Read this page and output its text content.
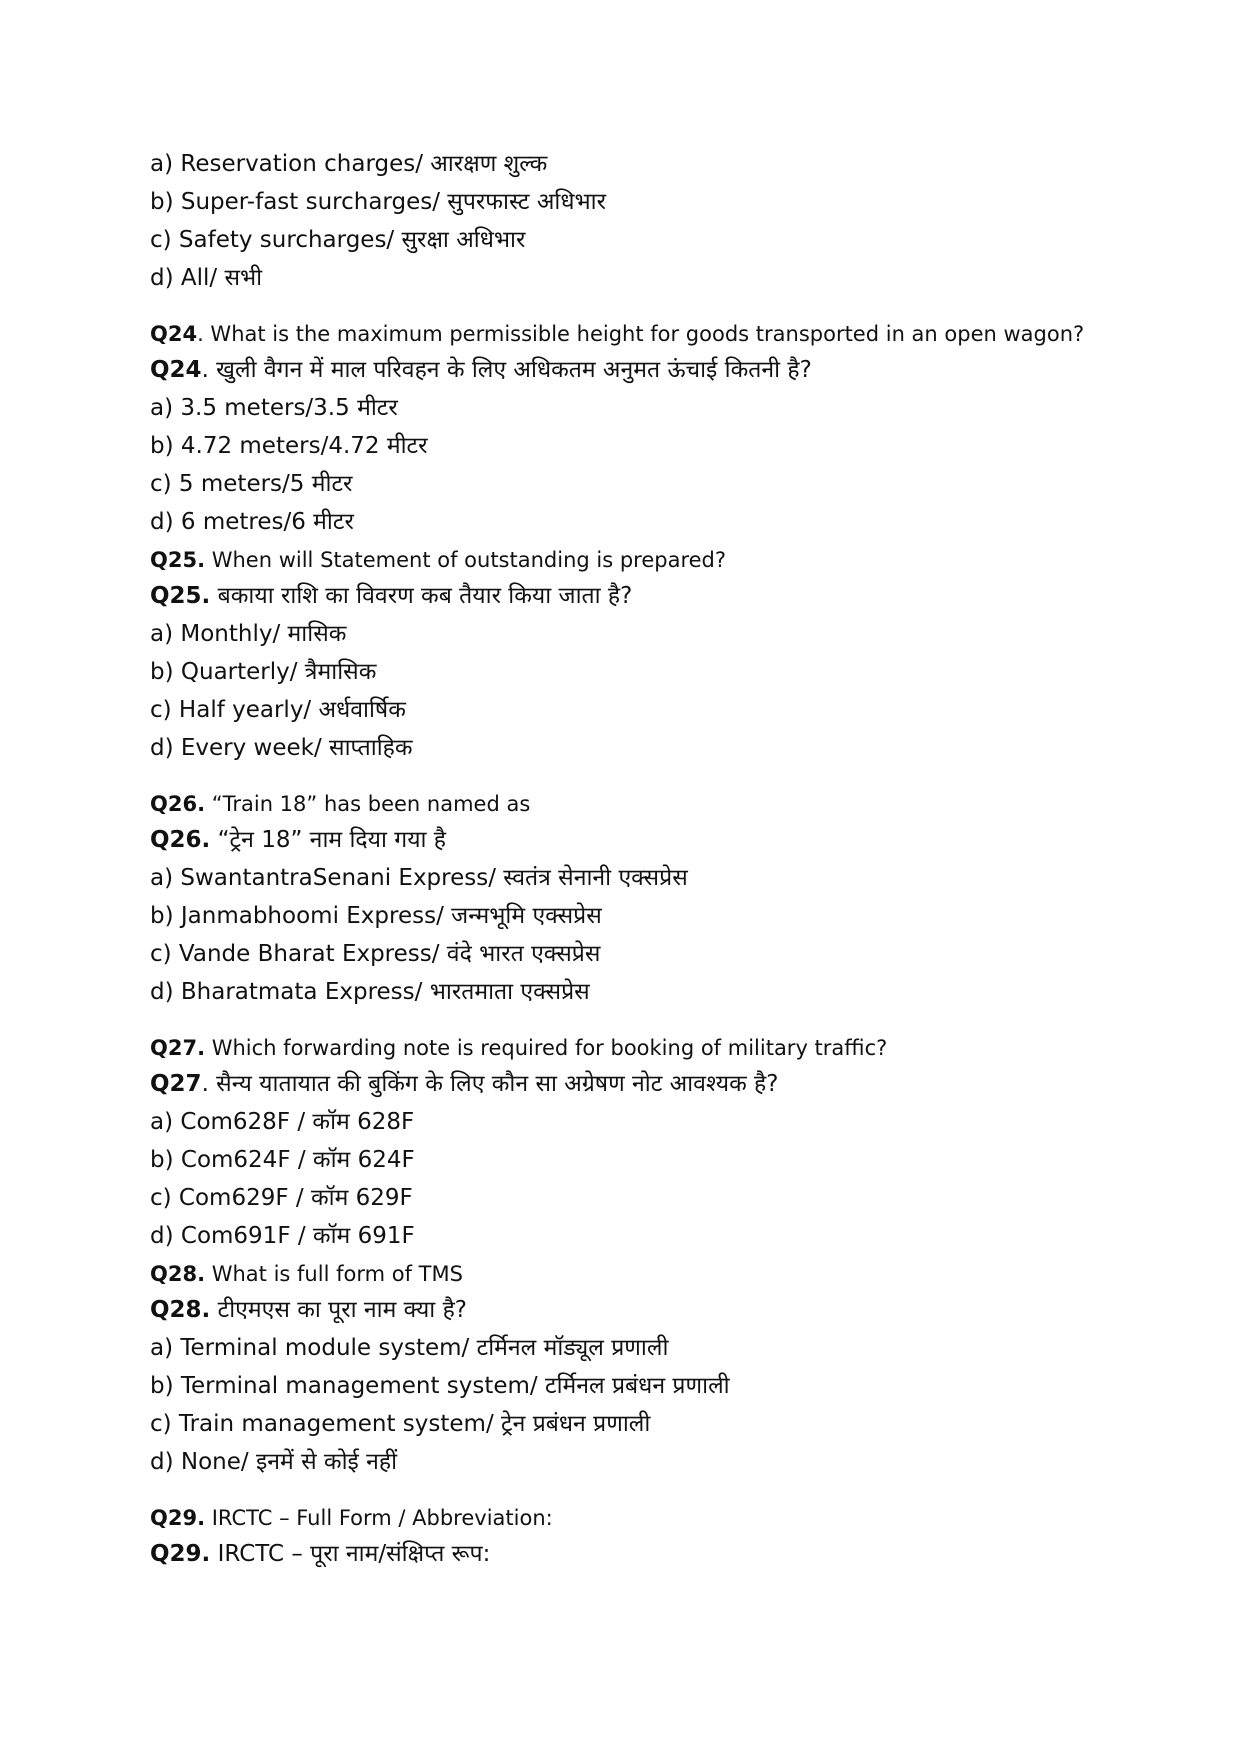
a) Reservation charges/ आरक्षण शुल्क
b) Super-fast surcharges/ सुपरफास्ट अधिभार
c) Safety surcharges/ सुरक्षा अधिभार
d) All/ सभी
Q24. What is the maximum permissible height for goods transported in an open wagon?
Q24. खुली वैगन में माल परिवहन के लिए अधिकतम अनुमत ऊंचाई कितनी है?
a) 3.5 meters/3.5 मीटर
b) 4.72 meters/4.72 मीटर
c) 5 meters/5 मीटर
d) 6 metres/6 मीटर
Q25. When will Statement of outstanding is prepared?
Q25. बकाया राशि का विवरण कब तैयार किया जाता है?
a) Monthly/ मासिक
b) Quarterly/ त्रैमासिक
c) Half yearly/ अर्धवार्षिक
d) Every week/ साप्ताहिक
Q26. “Train 18” has been named as
Q26. “ट्रेन 18” नाम दिया गया है
a) SwantantraSenani Express/ स्वतंत्र सेनानी एक्सप्रेस
b) Janmabhoomi Express/ जन्मभूमि एक्सप्रेस
c) Vande Bharat Express/ वंदे भारत एक्सप्रेस
d) Bharatmata Express/ भारतमाता एक्सप्रेस
Q27. Which forwarding note is required for booking of military traffic?
Q27. सैन्य यातायात की बुकिंग के लिए कौन सा अग्रेषण नोट आवश्यक है?
a) Com628F / कॉम 628F
b) Com624F / कॉम 624F
c) Com629F / कॉम 629F
d) Com691F / कॉम 691F
Q28. What is full form of TMS
Q28. टीएमएस का पूरा नाम क्या है?
a) Terminal module system/ टर्मिनल मॉड्यूल प्रणाली
b) Terminal management system/ टर्मिनल प्रबंधन प्रणाली
c) Train management system/ ट्रेन प्रबंधन प्रणाली
d) None/ इनमें से कोई नहीं
Q29. IRCTC – Full Form / Abbreviation:
Q29. IRCTC – पूरा नाम/संक्षिप्त रूप:
